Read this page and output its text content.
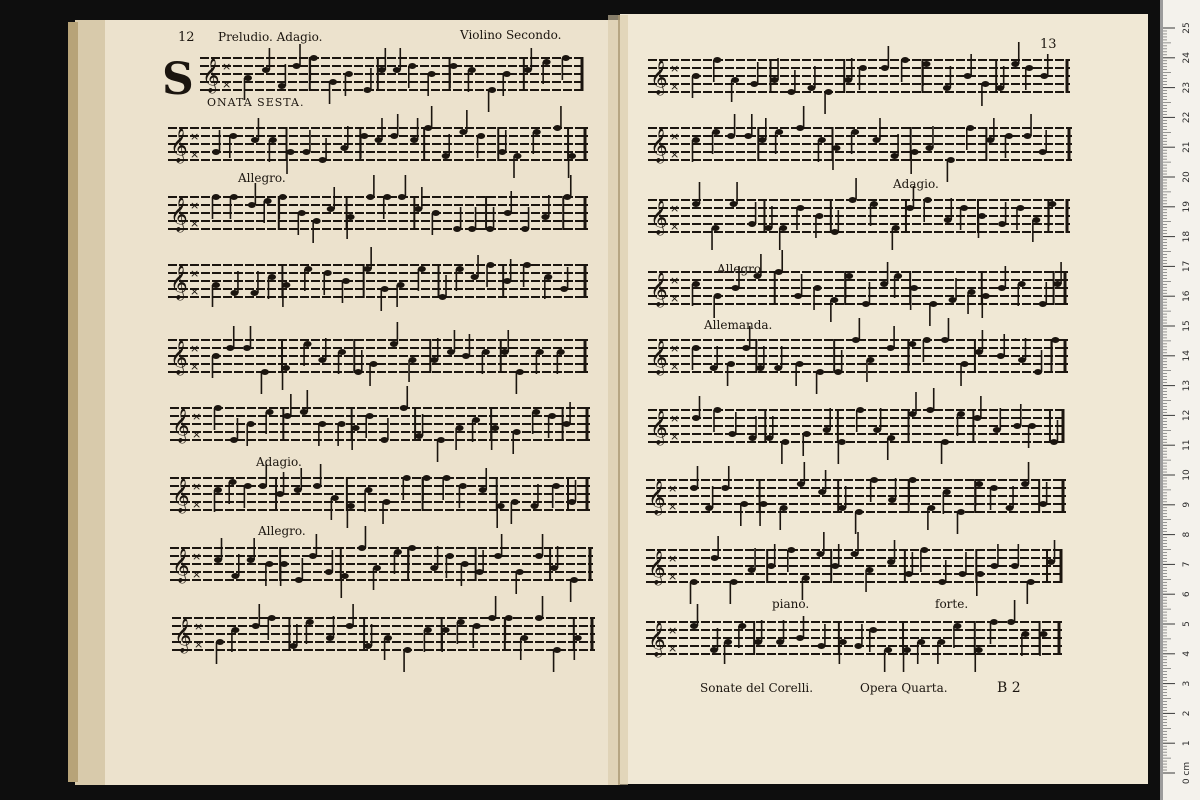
25
24
23
22
21
20
19
18
17
16
15
14
13
12
11
10
9
8
7
6
5
4
3
2
1
0 cm
𝄞 ×
×
𝄞 ×
×
𝄞 ×
×
𝄞 ×
×
𝄞 ×
×
𝄞 ×
×
𝄞 ×
×
𝄞 ×
×
𝄞 ×
×
𝄞 ×
×
𝄞 ×
×
𝄞 ×
×
𝄞 ×
×
𝄞 ×
×
𝄞 ×
×
𝄞 ×
×
𝄞 ×
×
𝄞 ×
×
12 Preludio. Adagio.	Violino Secondo.
S ONATA SESTA.
Allegro.
Adagio.
Allegro.
13
Adagio.
Allegro.
Allemanda.
piano.	forte.
Sonate del Corelli.	Opera Quarta.	B 2
